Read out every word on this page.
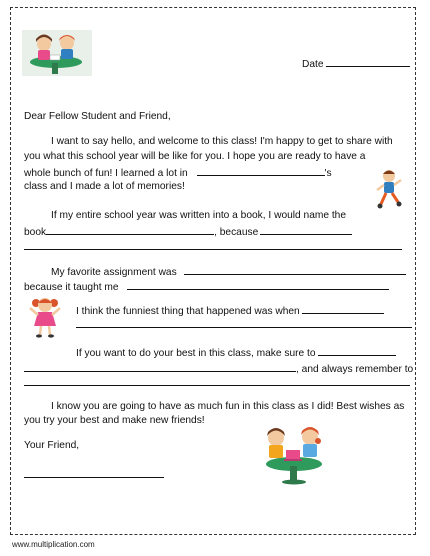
Date
Dear Fellow Student and Friend,
I want to say hello, and welcome to this class! I'm happy to get to share with
you what this school year will be like for you. I hope you are ready to have a
whole bunch of fun! I learned a lot in	's
class and I made a lot of memories!
If my entire school year was written into a book, I would name the
book	, because
My favorite assignment was
because it taught me
I think the funniest thing that happened was when
If you want to do your best in this class, make sure to
, and always remember to
I know you are going to have as much fun in this class as I did! Best wishes as
you try your best and make new friends!
Your Friend,
www.multiplication.com
